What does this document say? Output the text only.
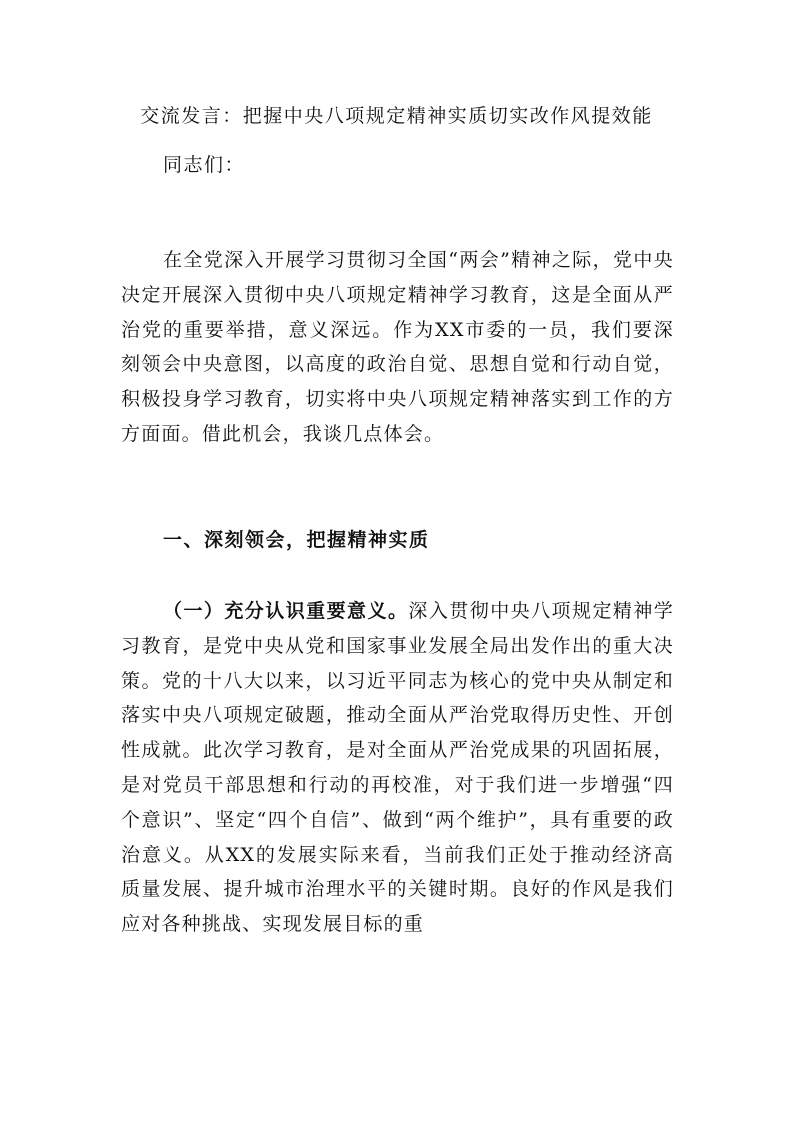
交流发言：把握中央八项规定精神实质切实改作风提效能
同志们：

在全党深入开展学习贯彻习全国“两会”精神之际，党中央决定开展深入贯彻中央八项规定精神学习教育，这是全面从严治党的重要举措，意义深远。作为XX市委的一员，我们要深刻领会中央意图，以高度的政治自觉、思想自觉和行动自觉，积极投身学习教育，切实将中央八项规定精神落实到工作的方方面面。借此机会，我谈几点体会。

一、深刻领会，把握精神实质

（一）充分认识重要意义。深入贯彻中央八项规定精神学习教育，是党中央从党和国家事业发展全局出发作出的重大决策。党的十八大以来，以习近平同志为核心的党中央从制定和落实中央八项规定破题，推动全面从严治党取得历史性、开创性成就。此次学习教育，是对全面从严治党成果的巩固拓展，是对党员干部思想和行动的再校准，对于我们进一步增强“四个意识”、坚定“四个自信”、做到“两个维护”，具有重要的政治意义。从XX的发展实际来看，当前我们正处于推动经济高质量发展、提升城市治理水平的关键时期。良好的作风是我们应对各种挑战、实现发展目标的重
